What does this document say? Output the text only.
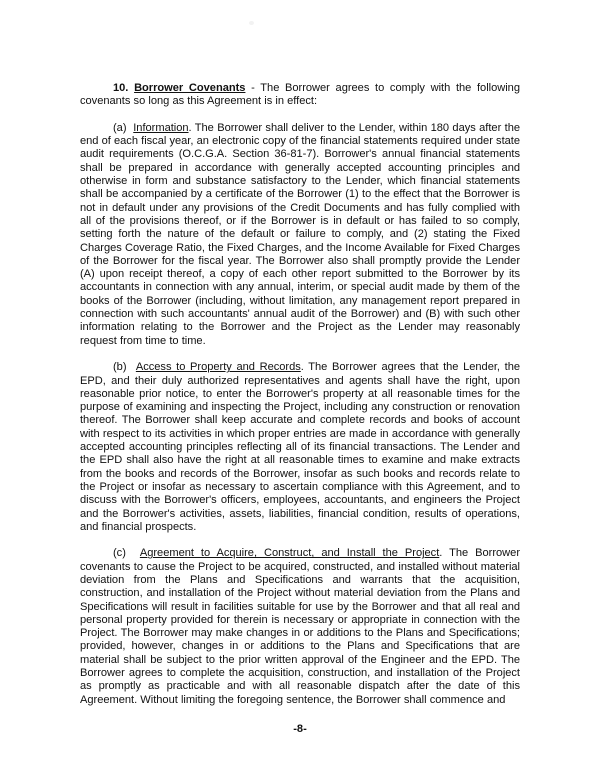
10. Borrower Covenants - The Borrower agrees to comply with the following covenants so long as this Agreement is in effect:

(a) Information. The Borrower shall deliver to the Lender, within 180 days after the end of each fiscal year, an electronic copy of the financial statements required under state audit requirements (O.C.G.A. Section 36-81-7). Borrower's annual financial statements shall be prepared in accordance with generally accepted accounting principles and otherwise in form and substance satisfactory to the Lender, which financial statements shall be accompanied by a certificate of the Borrower (1) to the effect that the Borrower is not in default under any provisions of the Credit Documents and has fully complied with all of the provisions thereof, or if the Borrower is in default or has failed to so comply, setting forth the nature of the default or failure to comply, and (2) stating the Fixed Charges Coverage Ratio, the Fixed Charges, and the Income Available for Fixed Charges of the Borrower for the fiscal year. The Borrower also shall promptly provide the Lender (A) upon receipt thereof, a copy of each other report submitted to the Borrower by its accountants in connection with any annual, interim, or special audit made by them of the books of the Borrower (including, without limitation, any management report prepared in connection with such accountants' annual audit of the Borrower) and (B) with such other information relating to the Borrower and the Project as the Lender may reasonably request from time to time.

(b) Access to Property and Records. The Borrower agrees that the Lender, the EPD, and their duly authorized representatives and agents shall have the right, upon reasonable prior notice, to enter the Borrower's property at all reasonable times for the purpose of examining and inspecting the Project, including any construction or renovation thereof. The Borrower shall keep accurate and complete records and books of account with respect to its activities in which proper entries are made in accordance with generally accepted accounting principles reflecting all of its financial transactions. The Lender and the EPD shall also have the right at all reasonable times to examine and make extracts from the books and records of the Borrower, insofar as such books and records relate to the Project or insofar as necessary to ascertain compliance with this Agreement, and to discuss with the Borrower's officers, employees, accountants, and engineers the Project and the Borrower's activities, assets, liabilities, financial condition, results of operations, and financial prospects.

(c) Agreement to Acquire, Construct, and Install the Project. The Borrower covenants to cause the Project to be acquired, constructed, and installed without material deviation from the Plans and Specifications and warrants that the acquisition, construction, and installation of the Project without material deviation from the Plans and Specifications will result in facilities suitable for use by the Borrower and that all real and personal property provided for therein is necessary or appropriate in connection with the Project. The Borrower may make changes in or additions to the Plans and Specifications; provided, however, changes in or additions to the Plans and Specifications that are material shall be subject to the prior written approval of the Engineer and the EPD. The Borrower agrees to complete the acquisition, construction, and installation of the Project as promptly as practicable and with all reasonable dispatch after the date of this Agreement. Without limiting the foregoing sentence, the Borrower shall commence and

-8-
